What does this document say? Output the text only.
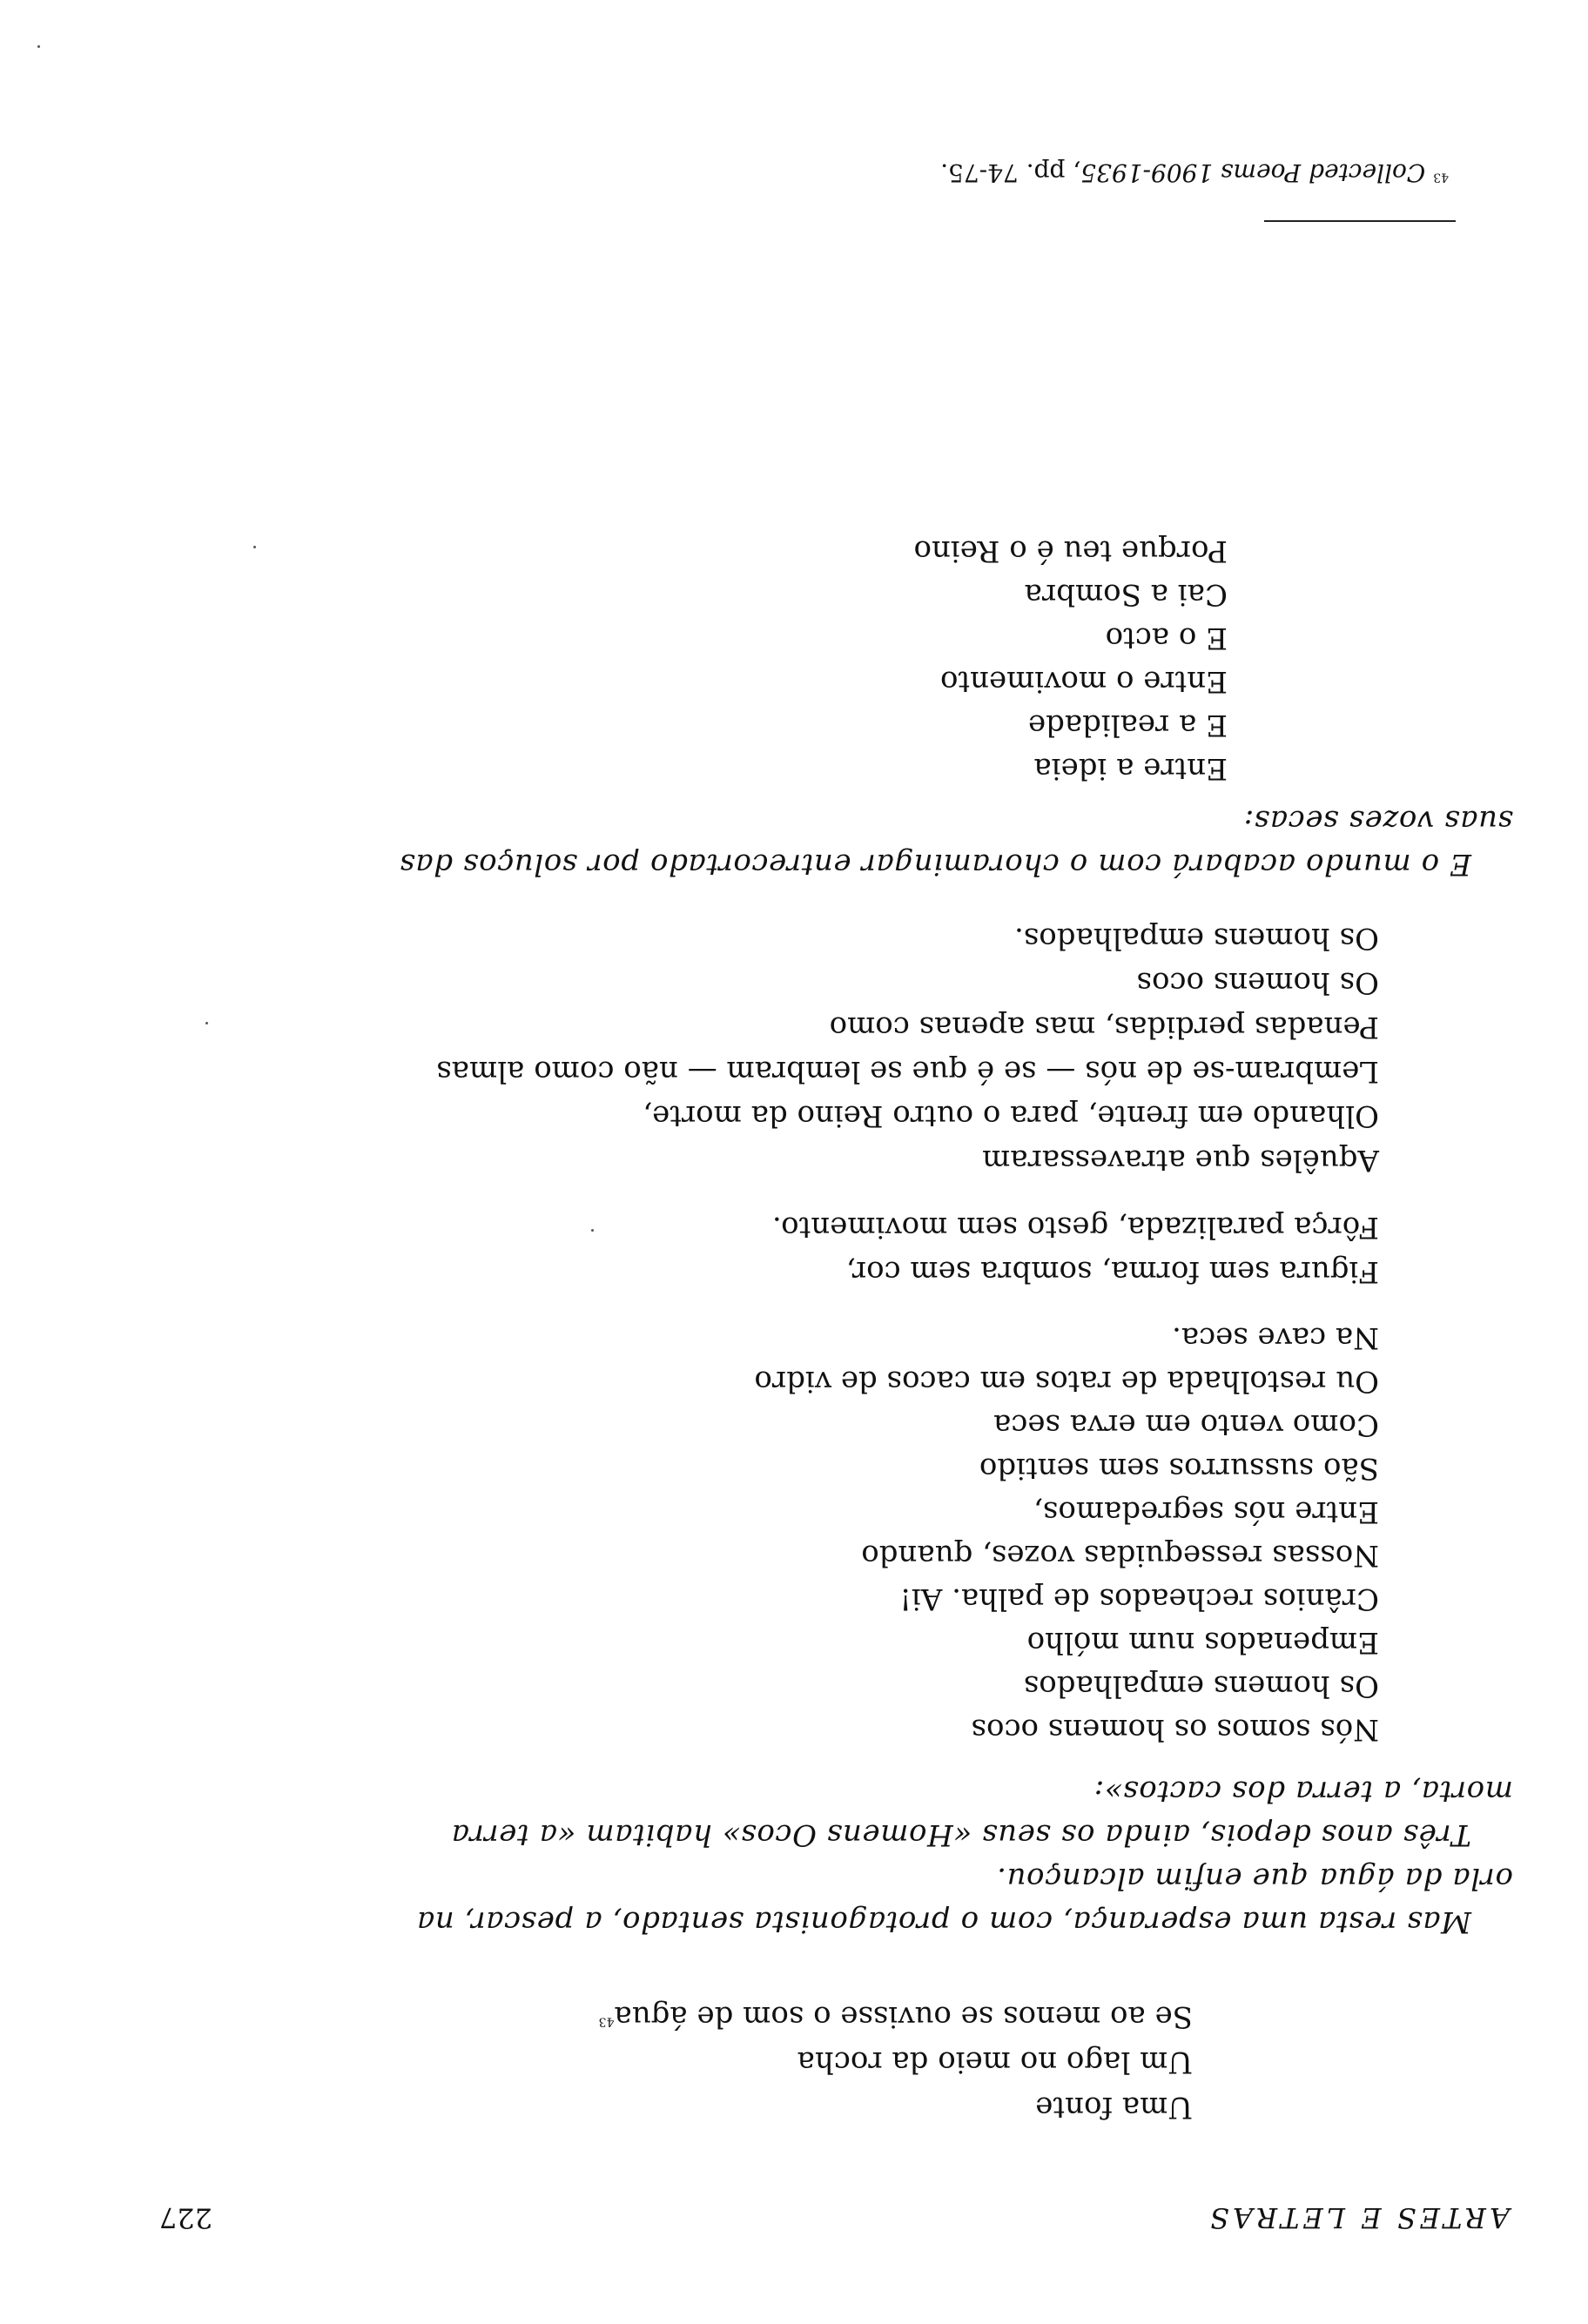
ARTES E LETRAS
227
Uma fonte
Um lago no meio da rocha
Se ao menos se ouvisse o som de água$^{43}$
Mas resta uma esperança, com o protagonista sentado, a pescar, na
orla da água que enfim alcançou.
Três anos depois, ainda os seus «Homens Ocos» habitam «a terra
morta, a terra dos cactos»:
Nós somos os homens ocos
Os homens empalhados
Empenados num mólho
Crânios recheados de palha. Ai!
Nossas ressequidas vozes, quando
Entre nós segredamos,
São sussurros sem sentido
Como vento em erva seca
Ou restolhada de ratos em cacos de vidro
Na cave seca.
Figura sem forma, sombra sem cor,
Fôrça paralizada, gesto sem movimento.
Aquêles que atravessaram
Olhando em frente, para o outro Reino da morte,
Lembram-se de nós — se é que se lembram — não como almas
Penadas perdidas, mas apenas como
Os homens ocos
Os homens empalhados.
E o mundo acabará com o choramingar entrecortado por soluços das
suas vozes secas:
Entre a ideia
E a realidade
Entre o movimento
E o acto
Cai a Sombra
Porque teu é o Reino
$^{43}$ Collected Poems 1909-1935, pp. 74-75.
